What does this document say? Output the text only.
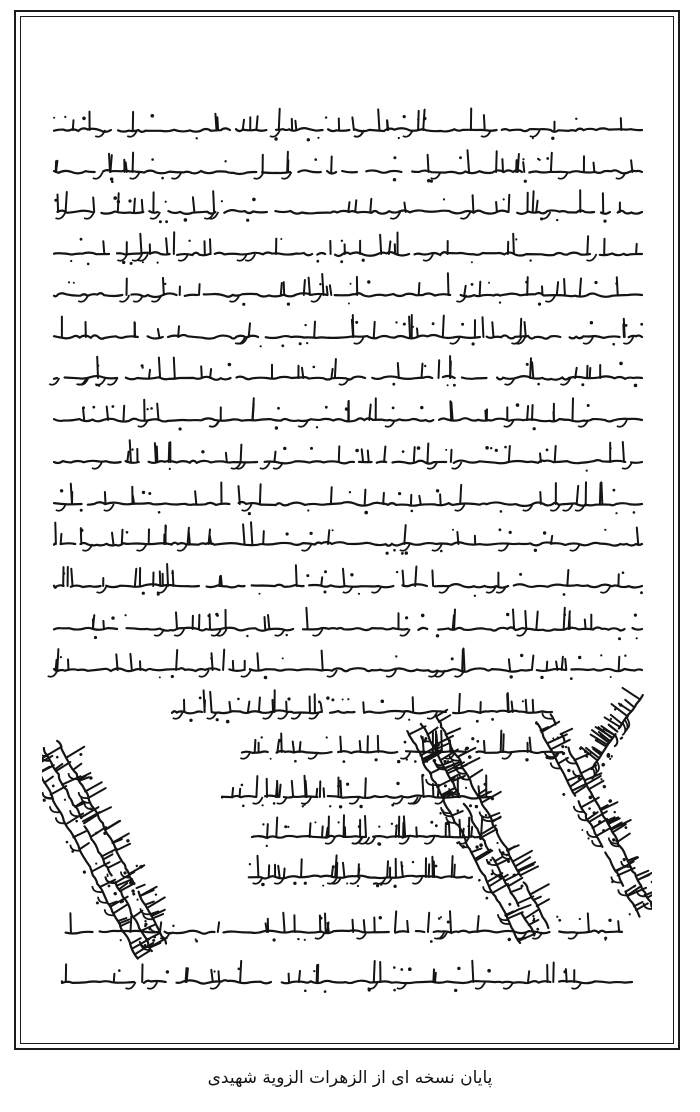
پایان نسخه ای از الزهرات الزویة شهیدی
